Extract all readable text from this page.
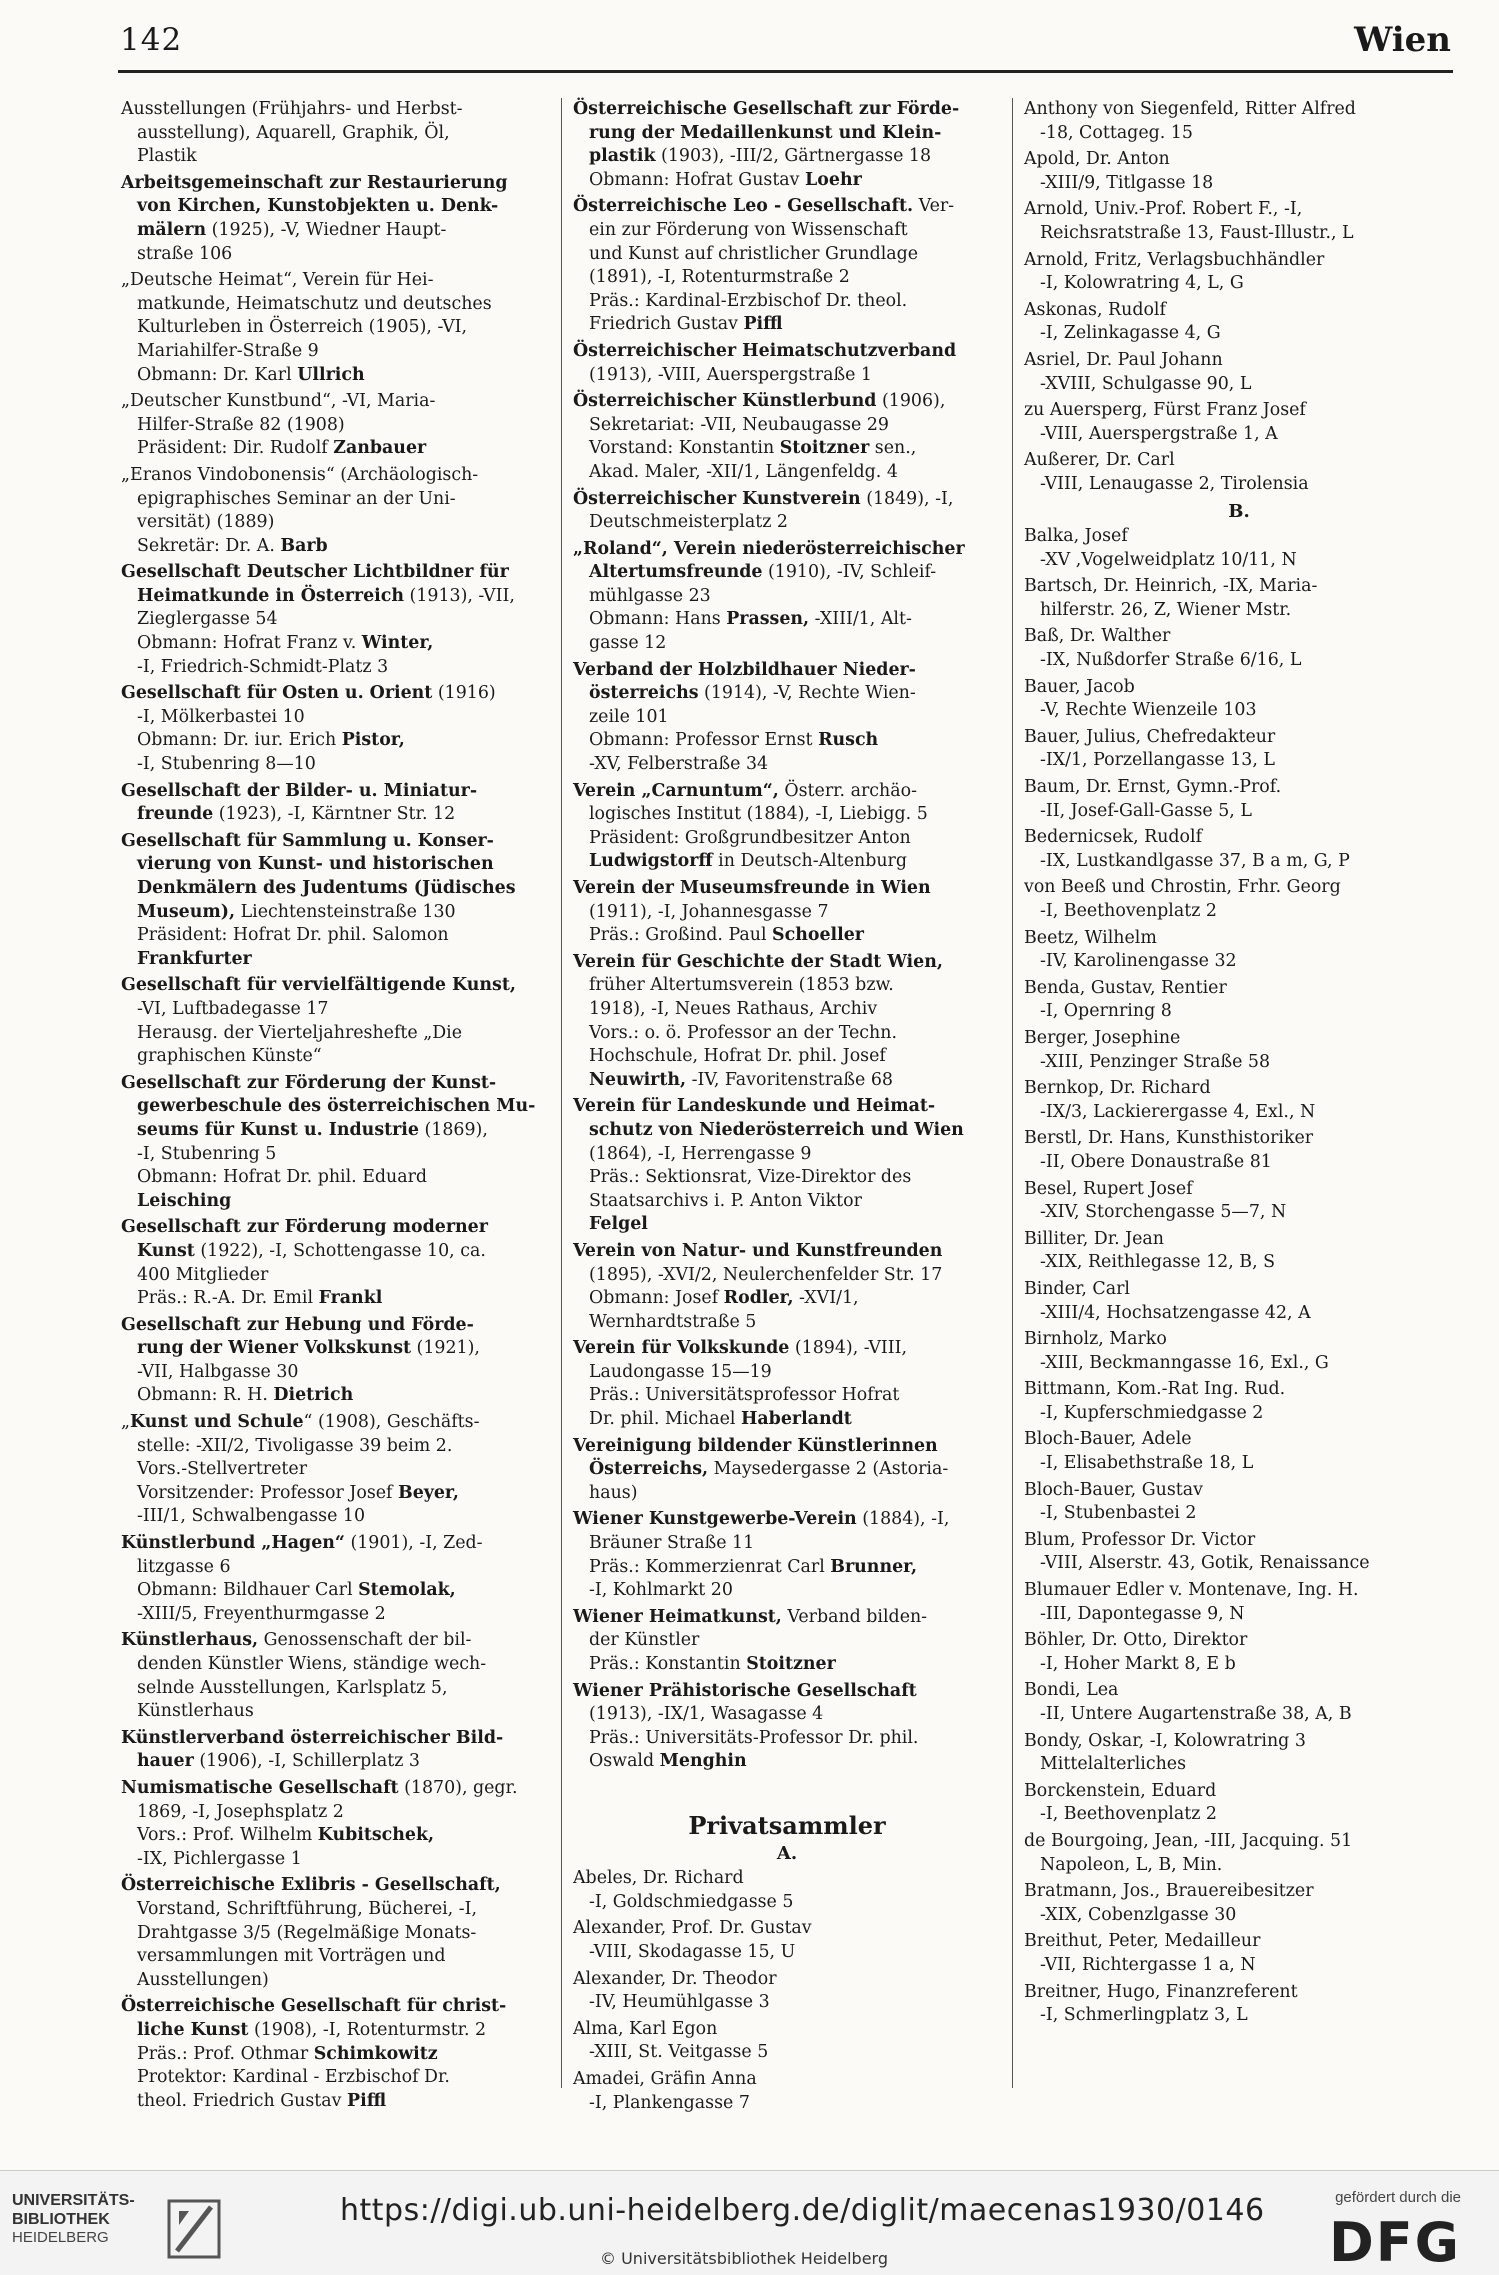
142	Wien
Ausstellungen (Frühjahrs- und Herbst-
ausstellung), Aquarell, Graphik, Öl,
Plastik
Arbeitsgemeinschaft zur Restaurierung
von Kirchen, Kunstobjekten u. Denk-
mälern (1925), -V, Wiedner Haupt-
straße 106
„Deutsche Heimat“, Verein für Hei-
matkunde, Heimatschutz und deutsches
Kulturleben in Österreich (1905), -VI,
Mariahilfer-Straße 9
Obmann: Dr. Karl Ullrich
„Deutscher Kunstbund“, -VI, Maria-
Hilfer-Straße 82 (1908)
Präsident: Dir. Rudolf Zanbauer
„Eranos Vindobonensis“ (Archäologisch-
epigraphisches Seminar an der Uni-
versität) (1889)
Sekretär: Dr. A. Barb
Gesellschaft Deutscher Lichtbildner für
Heimatkunde in Österreich (1913), -VII,
Zieglergasse 54
Obmann: Hofrat Franz v. Winter,
-I, Friedrich-Schmidt-Platz 3
Gesellschaft für Osten u. Orient (1916)
-I, Mölkerbastei 10
Obmann: Dr. iur. Erich Pistor,
-I, Stubenring 8—10
Gesellschaft der Bilder- u. Miniatur-
freunde (1923), -I, Kärntner Str. 12
Gesellschaft für Sammlung u. Konser-
vierung von Kunst- und historischen
Denkmälern des Judentums (Jüdisches
Museum), Liechtensteinstraße 130
Präsident: Hofrat Dr. phil. Salomon
Frankfurter
Gesellschaft für vervielfältigende Kunst,
-VI, Luftbadegasse 17
Herausg. der Vierteljahreshefte „Die
graphischen Künste“
Gesellschaft zur Förderung der Kunst-
gewerbeschule des österreichischen Mu-
seums für Kunst u. Industrie (1869),
-I, Stubenring 5
Obmann: Hofrat Dr. phil. Eduard
Leisching
Gesellschaft zur Förderung moderner
Kunst (1922), -I, Schottengasse 10, ca.
400 Mitglieder
Präs.: R.-A. Dr. Emil Frankl
Gesellschaft zur Hebung und Förde-
rung der Wiener Volkskunst (1921),
-VII, Halbgasse 30
Obmann: R. H. Dietrich
„Kunst und Schule“ (1908), Geschäfts-
stelle: -XII/2, Tivoligasse 39 beim 2.
Vors.-Stellvertreter
Vorsitzender: Professor Josef Beyer,
-III/1, Schwalbengasse 10
Künstlerbund „Hagen“ (1901), -I, Zed-
litzgasse 6
Obmann: Bildhauer Carl Stemolak,
-XIII/5, Freyenthurmgasse 2
Künstlerhaus, Genossenschaft der bil-
denden Künstler Wiens, ständige wech-
selnde Ausstellungen, Karlsplatz 5,
Künstlerhaus
Künstlerverband österreichischer Bild-
hauer (1906), -I, Schillerplatz 3
Numismatische Gesellschaft (1870), gegr.
1869, -I, Josephsplatz 2
Vors.: Prof. Wilhelm Kubitschek,
-IX, Pichlergasse 1
Österreichische Exlibris - Gesellschaft,
Vorstand, Schriftführung, Bücherei, -I,
Drahtgasse 3/5 (Regelmäßige Monats-
versammlungen mit Vorträgen und
Ausstellungen)
Österreichische Gesellschaft für christ-
liche Kunst (1908), -I, Rotenturmstr. 2
Präs.: Prof. Othmar Schimkowitz
Protektor: Kardinal - Erzbischof Dr.
theol. Friedrich Gustav Piffl
Österreichische Gesellschaft zur Förde-
rung der Medaillenkunst und Klein-
plastik (1903), -III/2, Gärtnergasse 18
Obmann: Hofrat Gustav Loehr
Österreichische Leo - Gesellschaft. Ver-
ein zur Förderung von Wissenschaft
und Kunst auf christlicher Grundlage
(1891), -I, Rotenturmstraße 2
Präs.: Kardinal-Erzbischof Dr. theol.
Friedrich Gustav Piffl
Österreichischer Heimatschutzverband
(1913), -VIII, Auerspergstraße 1
Österreichischer Künstlerbund (1906),
Sekretariat: -VII, Neubaugasse 29
Vorstand: Konstantin Stoitzner sen.,
Akad. Maler, -XII/1, Längenfeldg. 4
Österreichischer Kunstverein (1849), -I,
Deutschmeisterplatz 2
„Roland“, Verein niederösterreichischer
Altertumsfreunde (1910), -IV, Schleif-
mühlgasse 23
Obmann: Hans Prassen, -XIII/1, Alt-
gasse 12
Verband der Holzbildhauer Nieder-
österreichs (1914), -V, Rechte Wien-
zeile 101
Obmann: Professor Ernst Rusch
-XV, Felberstraße 34
Verein „Carnuntum“, Österr. archäo-
logisches Institut (1884), -I, Liebigg. 5
Präsident: Großgrundbesitzer Anton
Ludwigstorff in Deutsch-Altenburg
Verein der Museumsfreunde in Wien
(1911), -I, Johannesgasse 7
Präs.: Großind. Paul Schoeller
Verein für Geschichte der Stadt Wien,
früher Altertumsverein (1853 bzw.
1918), -I, Neues Rathaus, Archiv
Vors.: o. ö. Professor an der Techn.
Hochschule, Hofrat Dr. phil. Josef
Neuwirth, -IV, Favoritenstraße 68
Verein für Landeskunde und Heimat-
schutz von Niederösterreich und Wien
(1864), -I, Herrengasse 9
Präs.: Sektionsrat, Vize-Direktor des
Staatsarchivs i. P. Anton Viktor
Felgel
Verein von Natur- und Kunstfreunden
(1895), -XVI/2, Neulerchenfelder Str. 17
Obmann: Josef Rodler, -XVI/1,
Wernhardtstraße 5
Verein für Volkskunde (1894), -VIII,
Laudongasse 15—19
Präs.: Universitätsprofessor Hofrat
Dr. phil. Michael Haberlandt
Vereinigung bildender Künstlerinnen
Österreichs, Maysedergasse 2 (Astoria-
haus)
Wiener Kunstgewerbe-Verein (1884), -I,
Bräuner Straße 11
Präs.: Kommerzienrat Carl Brunner,
-I, Kohlmarkt 20
Wiener Heimatkunst, Verband bilden-
der Künstler
Präs.: Konstantin Stoitzner
Wiener Prähistorische Gesellschaft
(1913), -IX/1, Wasagasse 4
Präs.: Universitäts-Professor Dr. phil.
Oswald Menghin
Privatsammler
A.
Abeles, Dr. Richard
-I, Goldschmiedgasse 5
Alexander, Prof. Dr. Gustav
-VIII, Skodagasse 15, U
Alexander, Dr. Theodor
-IV, Heumühlgasse 3
Alma, Karl Egon
-XIII, St. Veitgasse 5
Amadei, Gräfin Anna
-I, Plankengasse 7
Anthony von Siegenfeld, Ritter Alfred
-18, Cottageg. 15
Apold, Dr. Anton
-XIII/9, Titlgasse 18
Arnold, Univ.-Prof. Robert F., -I,
Reichsratstraße 13, Faust-Illustr., L
Arnold, Fritz, Verlagsbuchhändler
-I, Kolowratring 4, L, G
Askonas, Rudolf
-I, Zelinkagasse 4, G
Asriel, Dr. Paul Johann
-XVIII, Schulgasse 90, L
zu Auersperg, Fürst Franz Josef
-VIII, Auerspergstraße 1, A
Außerer, Dr. Carl
-VIII, Lenaugasse 2, Tirolensia
B.
Balka, Josef
-XV ,Vogelweidplatz 10/11, N
Bartsch, Dr. Heinrich, -IX, Maria-
hilferstr. 26, Z, Wiener Mstr.
Baß, Dr. Walther
-IX, Nußdorfer Straße 6/16, L
Bauer, Jacob
-V, Rechte Wienzeile 103
Bauer, Julius, Chefredakteur
-IX/1, Porzellangasse 13, L
Baum, Dr. Ernst, Gymn.-Prof.
-II, Josef-Gall-Gasse 5, L
Bedernicsek, Rudolf
-IX, Lustkandlgasse 37, B a m, G, P
von Beeß und Chrostin, Frhr. Georg
-I, Beethovenplatz 2
Beetz, Wilhelm
-IV, Karolinengasse 32
Benda, Gustav, Rentier
-I, Opernring 8
Berger, Josephine
-XIII, Penzinger Straße 58
Bernkop, Dr. Richard
-IX/3, Lackierergasse 4, Exl., N
Berstl, Dr. Hans, Kunsthistoriker
-II, Obere Donaustraße 81
Besel, Rupert Josef
-XIV, Storchengasse 5—7, N
Billiter, Dr. Jean
-XIX, Reithlegasse 12, B, S
Binder, Carl
-XIII/4, Hochsatzengasse 42, A
Birnholz, Marko
-XIII, Beckmanngasse 16, Exl., G
Bittmann, Kom.-Rat Ing. Rud.
-I, Kupferschmiedgasse 2
Bloch-Bauer, Adele
-I, Elisabethstraße 18, L
Bloch-Bauer, Gustav
-I, Stubenbastei 2
Blum, Professor Dr. Victor
-VIII, Alserstr. 43, Gotik, Renaissance
Blumauer Edler v. Montenave, Ing. H.
-III, Dapontegasse 9, N
Böhler, Dr. Otto, Direktor
-I, Hoher Markt 8, E b
Bondi, Lea
-II, Untere Augartenstraße 38, A, B
Bondy, Oskar, -I, Kolowratring 3
Mittelalterliches
Borckenstein, Eduard
-I, Beethovenplatz 2
de Bourgoing, Jean, -III, Jacquing. 51
Napoleon, L, B, Min.
Bratmann, Jos., Brauereibesitzer
-XIX, Cobenzlgasse 30
Breithut, Peter, Medailleur
-VII, Richtergasse 1 a, N
Breitner, Hugo, Finanzreferent
-I, Schmerlingplatz 3, L
UNIVERSITÄTS-
BIBLIOTHEK
HEIDELBERG
https://digi.ub.uni-heidelberg.de/diglit/maecenas1930/0146
© Universitätsbibliothek Heidelberg
gefördert durch die
DFG
